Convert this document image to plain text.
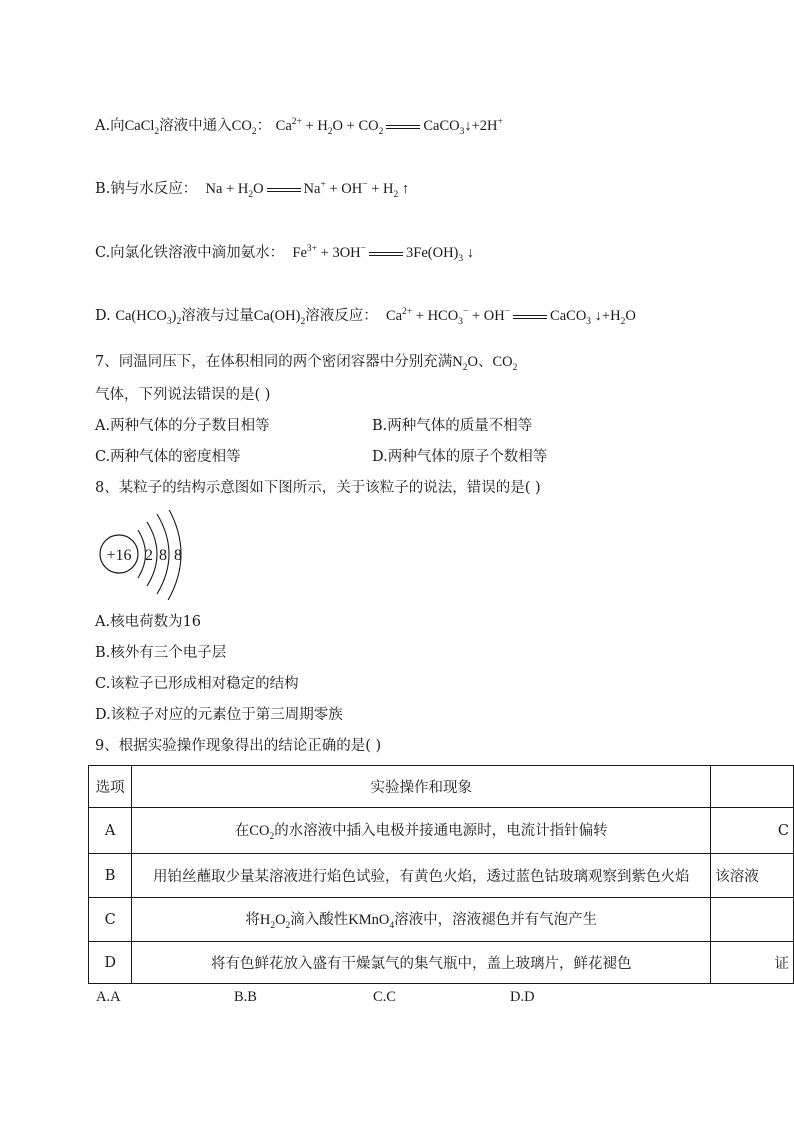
A.向CaCl$_2$溶液中通入$CO_2$： $Ca^{2+} + H_2O + CO_2$	CaCO$_3$↓+2H+
B.钠与水反应：  $Na + H_2O$	$Na^+ + OH^- + H_2$ ↑
C.向氯化铁溶液中滴加氨水：  $Fe^{3+} + 3OH^-$	$3Fe(OH)_3$ ↓
D. $Ca(HCO_3)_2$溶液与过量$Ca(OH)_2$溶液反应：  $Ca^{2+} + HCO_3^- + OH^-$	CaCO$_3$ $↓+H_2O$
7、同温同压下，在体积相同的两个密闭容器中分别充满$N_2O$、$CO_2$
气体，下列说法错误的是( )
A.两种气体的分子数目相等	B.两种气体的质量不相等
C.两种气体的密度相等	D.两种气体的原子个数相等
8、某粒子的结构示意图如下图所示，关于该粒子的说法，错误的是( )
+16 2 8 8
A.核电荷数为16
B.核外有三个电子层
C.该粒子已形成相对稳定的结构
D.该粒子对应的元素位于第三周期零族
9、根据实验操作现象得出的结论正确的是( )
选项	实验操作和现象	
A	在$CO_2$的水溶液中插入电极并接通电源时，电流计指针偏转	C
B	用铂丝蘸取少量某溶液进行焰色试验，有黄色火焰，透过蓝色钴玻璃观察到紫色火焰	该溶液
C	将$H_2O_2$滴入酸性KMnO$_4$溶液中，溶液褪色并有气泡产生	
D	将有色鲜花放入盛有干燥氯气的集气瓶中，盖上玻璃片，鲜花褪色	证
A.A	B.B	C.C	D.D
